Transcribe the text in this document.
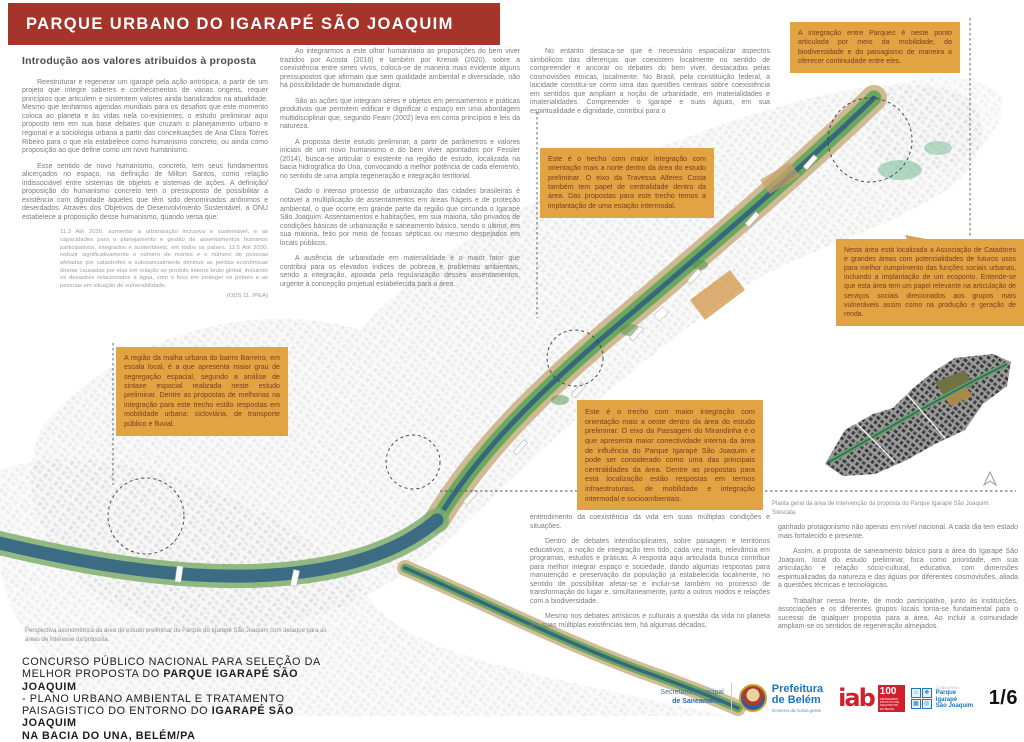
PARQUE URBANO DO IGARAPÉ SÃO JOAQUIM
Introdução aos valores atribuidos à proposta

Reestruturar e regenerar um igarapé pela ação antrópica, a partir de um projeto que integre saberes e conhecimentos de várias origens, requer princípios que articulem e sustentem valores ainda banalizados na atualidade. Mesmo que tenhamos agendas mundiais para os desafios que este momento coloca ao planeta e às vidas nela co-existentes, o estudo preliminar aqui proposto tem em sua base debates que cruzam o planejamento urbano e regional e a sociologia urbana a partir das conceituações de Ana Clara Torres Ribeiro para o que ela estabelece como humanismo concreto, ou ainda como proposição ao que define como um novo humanismo.

Esse sentido de novo humanismo, concreto, tem seus fundamentos alicerçados no espaço, na definição de Milton Santos, como relação indissociável entre sistemas de objetos e sistemas de ações. A definição/ proposição do humanismo concreto tem o pressuposto de possibilitar a existência com dignidade àqueles que têm sido denominados anônimos e deserdados. Através dos Objetivos de Desenvolvimento Sustentável, a ONU estabelece a proposição desse humanismo, quando versa que:

11.3 Até 2030, aumentar a urbanização inclusiva e sustentável, e as capacidades para o planejamento e gestão de assentamentos humanos participativos, integrados e sustentáveis, em todos os países. 11.5 Até 2030, reduzir significativamente o número de mortes e o número de pessoas afetadas por catástrofes e substancialmente diminuir as perdas econômicas diretas causadas por elas em relação ao produto interno bruto global, incluindo os desastres relacionados à água, com o foco em proteger os pobres e as pessoas em situação de vulnerabilidade.
(ODS 11, IPEA)
A região da malha urbana do bairro Barreiro, em escala local, é a que apresenta maior grau de segregação espacial, segundo a análise de sintaxe espacial realizada neste estudo preliminar. Dentre as propostas de melhorias na integração para este trecho estão respostas em mobilidade urbana: cicloviária, de transporte público e fluvial.

Ao integrarmos a este olhar humanitário as proposições do bem viver trazidos por Acosta (2016) e também por Krenak (2020), sobre a coexistência entre seres vivos, coloca-se de maneira mais evidente alguns pressupostos que afirmam que sem qualidade ambiental e diversidade, não há possibilidade de humanidade digna.

São as ações que integram seres e objetos em pensamentos e práticas produtivas que permitem edificar e dignificar o espaço em uma abordagem multidisciplinar que, segundo Feam (2002) leva em conta princípios e leis da natureza.

A proposta deste estudo preliminar, a partir de parâmetros e valores iniciais de um novo humanismo e do bem viver apontados por Fessler (2014), busca-se articular o existente na região de estudo, localizada na bacia hidrográfica do Una, convocando a melhor potência de cada elemento, no sentido de uma ampla regeneração e integração territorial.

Dado o intenso processo de urbanização das cidades brasileiras é notável a multiplicação de assentamentos em áreas frágeis e de proteção ambiental, o que ocorre em grande parte da região que circunda o Igarapé São Joaquim. Assentamentos e habitações, em sua maioria, são privados de condições básicas de urbanização e saneamento básico, sendo o último, em sua maioria, feito por meio de fossas sépticas ou mesmo despejados em locais públicos.

A ausência de urbanidade em materialidade é o maior fator que contribui para os elevados índices de pobreza e problemas ambientais, sendo a integração, apoiada pela regularização desses assentamentos, urgente à concepção projetual estabelecida para a área.

No entanto destaca-se que é necessário espacializar aspectos simbólicos das diferenças que coexistem localmente no sentido de compreender e ancorar os debates do bem viver, destacadas pelas cosmovisões étnicas, localmente. No Brasil, pela constituição federal, a laicidade constitui-se como uma das questões centrais sobre coexistência em sentidos que ampliam a noção de urbanidade, em materialidades e imaterialidades. Compreender o Igarapé e suas águas, em sua espiritualidade e dignidade, contribui para o

Este é o trecho com maior integração com orientação mais a norte dentro da área do estudo preliminar. O eixo da Travessa Alferes Costa também tem papel de centralidade dentro da área. Das propostas para este trecho temos a implantação de uma estação intermodal.
Este é o trecho com maior integração com orientação mais a oeste dentro da área do estudo preliminar. O eixo da Passagem do Mirandinha é o que apresenta maior conectividade interna da área de influência do Parque Igarapé São Joaquim e pode ser considerado como uma das principais centralidades da área. Dentre as propostas para esta localização estão respostas em termos infraestruturais, de mobilidade e integração intermodal e socioambientais.

entendimento da coexistência da vida em suas múltiplas condições e situações.

Dentro de debates interdisciplinares, sobre paisagem e territórios educativos, a noção de integração tem tido, cada vez mais, relevância em programas, estudos e práticas. A resposta aqui articulada busca contribuir para melhor integrar espaço e sociedade, dando algumas respostas para manutenção e preservação da população já estabelecida localmente, no sentido de possibilitar afetar-se e incluir-se também no processo de transformação do lugar e, simultaneamente, junto a outros modos e relações com a biodiversidade.

Mesmo nos debates artísticos e culturais a questão da vida no planeta em suas múltiplas existências tem, há algumas décadas,

A integração entre Parques é neste ponto articulada por meio da mobilidade, da biodiversidade e do paisagismo de maneira a oferecer continuidade entre eles.
Nesta área está localizada a Associação de Catadores e grandes áreas com potencialidades de futuros usos para melhor cumprimento das funções sociais urbanas, incluindo a implantação de um ecoponto. Entende-se que esta área tem um papel relevante na articulação de serviços sociais direcionados aos grupos mais vulneráveis assim como na produção e geração de renda.
Planta geral da área de intervenção da proposta do Parque Igarapé São Joaquim.
S/escala.

ganhado protagonismo não apenas em nível nacional. A cada dia tem estado mais fortalecido e presente.

Assim, a proposta de saneamento básico para a área do Igarapé São Joaquim, local do estudo preliminar, foca como prioridade, em sua articulação e relação sócio-cultural, educativa, com dimensões espiritualizadas da natureza e das águas por diferentes cosmovisões, aliada a questões técnicas e tecnológicas.

Trabalhar nessa frente, de modo participativo, junto às instituições, associações e os diferentes grupos locais torna-se fundamental para o sucesso de qualquer proposta para a área. Ao incluir a comunidade ampliam-se os sentidos de regeneração almejados.

Perspectiva axonométrica da área do estudo preliminar do Parque do Igarapé São Joaquim com detaque para as áreas de interesse da proposta.
CONCURSO PÚBLICO NACIONAL PARA SELEÇÃO DA
MELHOR PROPOSTA DO PARQUE IGARAPÉ SÃO JOAQUIM
- PLANO URBANO AMBIENTAL E TRATAMENTO
PAISAGISTICO DO ENTORNO DO IGARAPÉ SÃO JOAQUIM
NA BACIA DO UNA, BELÉM/PA
Secretaria Municipal
de Saneamento
Prefeitura
de Belém
Governo da nossa gente iab 100
CENTENÁRIO INSTITUTO DE ARQUITETOS DO BRASIL
⌂	❖
▦ ◎
CONCURSO
Parque Igarapé
São Joaquim 1/6
